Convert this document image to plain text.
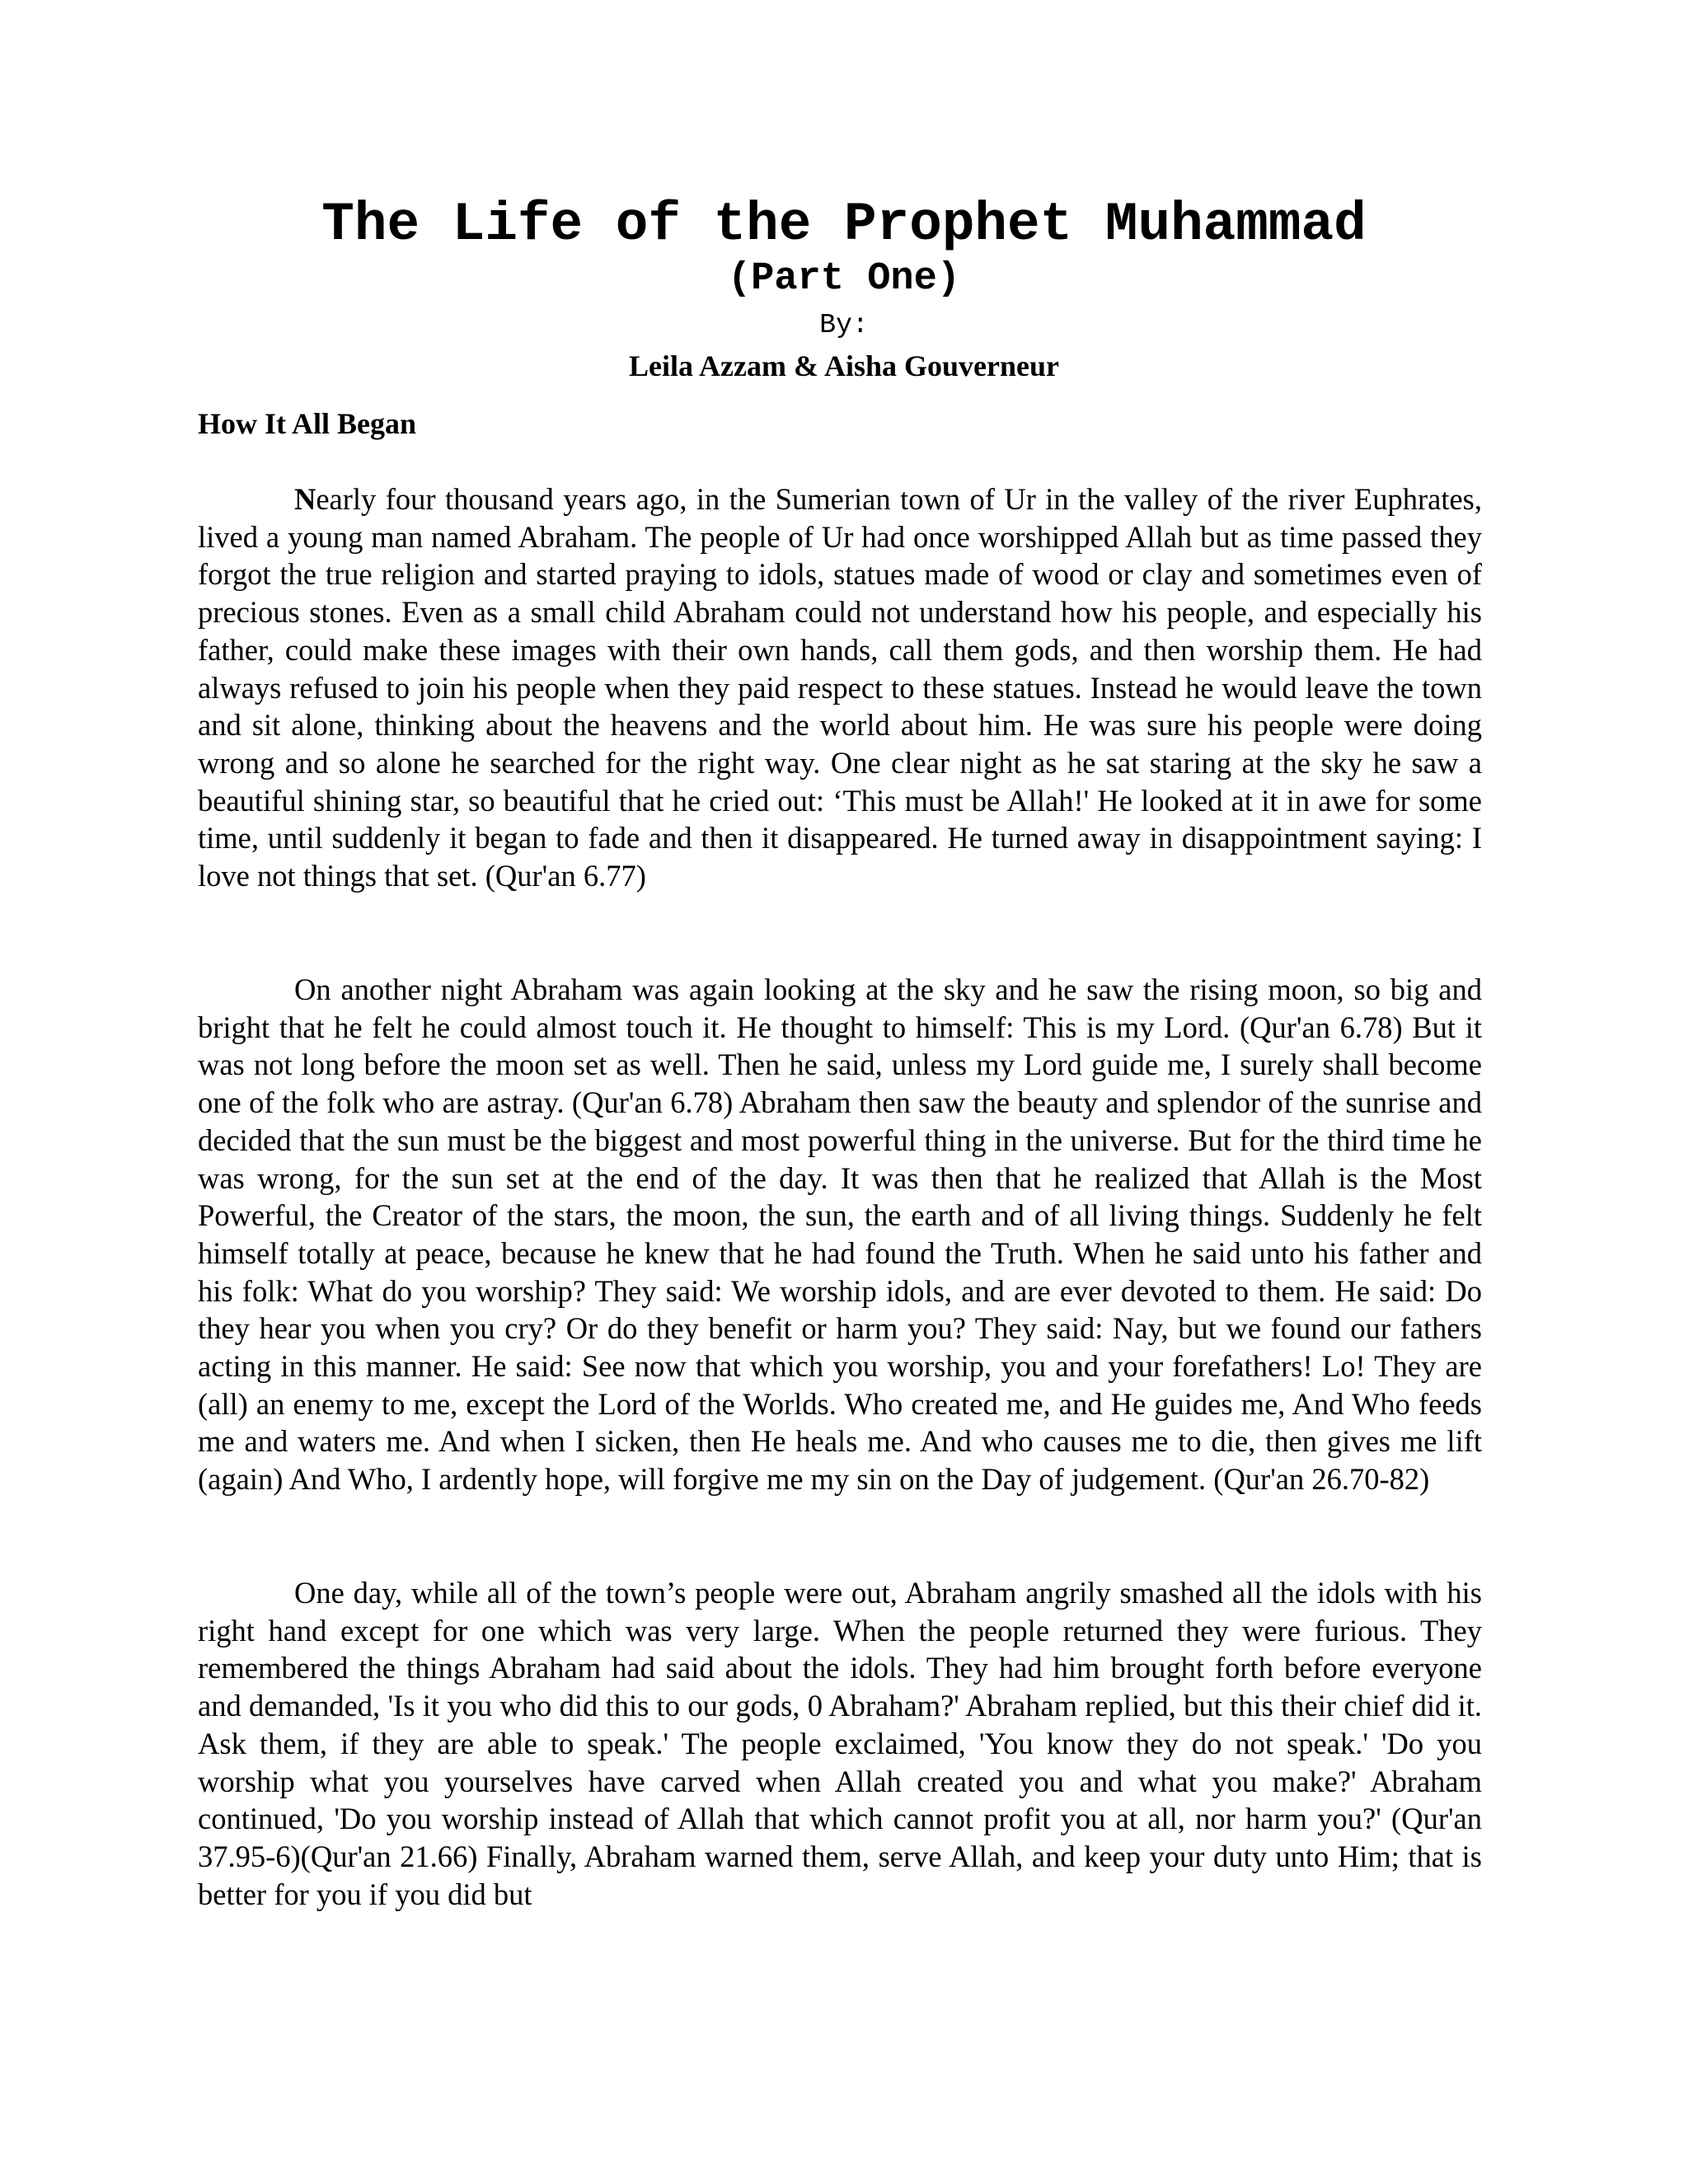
The Life of the Prophet Muhammad
(Part One)
By:
Leila Azzam & Aisha Gouverneur
How It All Began

Nearly four thousand years ago, in the Sumerian town of Ur in the valley of the river Euphrates, lived a young man named Abraham. The people of Ur had once worshipped Allah but as time passed they forgot the true religion and started praying to idols, statues made of wood or clay and sometimes even of precious stones. Even as a small child Abraham could not understand how his people, and especially his father, could make these images with their own hands, call them gods, and then worship them. He had always refused to join his people when they paid respect to these statues. Instead he would leave the town and sit alone, thinking about the heavens and the world about him. He was sure his people were doing wrong and so alone he searched for the right way. One clear night as he sat staring at the sky he saw a beautiful shining star, so beautiful that he cried out: ‘This must be Allah!' He looked at it in awe for some time, until suddenly it began to fade and then it disappeared. He turned away in disappointment saying: I love not things that set. (Qur'an 6.77)

On another night Abraham was again looking at the sky and he saw the rising moon, so big and bright that he felt he could almost touch it. He thought to himself: This is my Lord. (Qur'an 6.78) But it was not long before the moon set as well. Then he said, unless my Lord guide me, I surely shall become one of the folk who are astray. (Qur'an 6.78) Abraham then saw the beauty and splendor of the sunrise and decided that the sun must be the biggest and most powerful thing in the universe. But for the third time he was wrong, for the sun set at the end of the day. It was then that he realized that Allah is the Most Powerful, the Creator of the stars, the moon, the sun, the earth and of all living things. Suddenly he felt himself totally at peace, because he knew that he had found the Truth. When he said unto his father and his folk: What do you worship? They said: We worship idols, and are ever devoted to them. He said: Do they hear you when you cry? Or do they benefit or harm you? They said: Nay, but we found our fathers acting in this manner. He said: See now that which you worship, you and your forefathers! Lo! They are (all) an enemy to me, except the Lord of the Worlds. Who created me, and He guides me, And Who feeds me and waters me. And when I sicken, then He heals me. And who causes me to die, then gives me lift (again) And Who, I ardently hope, will forgive me my sin on the Day of judgement. (Qur'an 26.70-82)

One day, while all of the town’s people were out, Abraham angrily smashed all the idols with his right hand except for one which was very large. When the people returned they were furious. They remembered the things Abraham had said about the idols. They had him brought forth before everyone and demanded, 'Is it you who did this to our gods, 0 Abraham?' Abraham replied, but this their chief did it. Ask them, if they are able to speak.' The people exclaimed, 'You know they do not speak.' 'Do you worship what you yourselves have carved when Allah created you and what you make?' Abraham continued, 'Do you worship instead of Allah that which cannot profit you at all, nor harm you?' (Qur'an 37.95-6)(Qur'an 21.66) Finally, Abraham warned them, serve Allah, and keep your duty unto Him; that is better for you if you did but
